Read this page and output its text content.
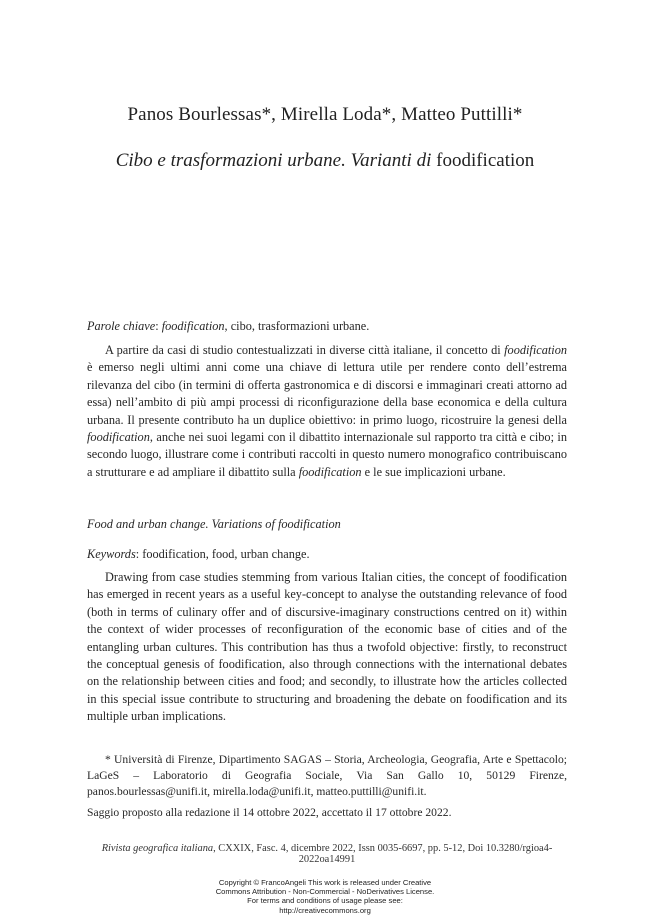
Panos Bourlessas*, Mirella Loda*, Matteo Puttilli*
Cibo e trasformazioni urbane. Varianti di foodification
Parole chiave: foodification, cibo, trasformazioni urbane.
A partire da casi di studio contestualizzati in diverse città italiane, il concetto di foodification è emerso negli ultimi anni come una chiave di lettura utile per rendere conto dell’estrema rilevanza del cibo (in termini di offerta gastronomica e di discorsi e immaginari creati attorno ad essa) nell’ambito di più ampi processi di riconfigurazione della base economica e della cultura urbana. Il presente contributo ha un duplice obiettivo: in primo luogo, ricostruire la genesi della foodification, anche nei suoi legami con il dibattito internazionale sul rapporto tra città e cibo; in secondo luogo, illustrare come i contributi raccolti in questo numero monografico contribuiscano a strutturare e ad ampliare il dibattito sulla foodification e le sue implicazioni urbane.
Food and urban change. Variations of foodification
Keywords: foodification, food, urban change.
Drawing from case studies stemming from various Italian cities, the concept of foodification has emerged in recent years as a useful key-concept to analyse the outstanding relevance of food (both in terms of culinary offer and of discursive-imaginary constructions centred on it) within the context of wider processes of reconfiguration of the economic base of cities and of the entangling urban cultures. This contribution has thus a twofold objective: firstly, to reconstruct the conceptual genesis of foodification, also through connections with the international debates on the relationship between cities and food; and secondly, to illustrate how the articles collected in this special issue contribute to structuring and broadening the debate on foodification and its multiple urban implications.
* Università di Firenze, Dipartimento SAGAS – Storia, Archeologia, Geografia, Arte e Spettacolo; LaGeS – Laboratorio di Geografia Sociale, Via San Gallo 10, 50129 Firenze, panos.bourlessas@unifi.it, mirella.loda@unifi.it, matteo.puttilli@unifi.it.
Saggio proposto alla redazione il 14 ottobre 2022, accettato il 17 ottobre 2022.
Rivista geografica italiana, CXXIX, Fasc. 4, dicembre 2022, Issn 0035-6697, pp. 5-12, Doi 10.3280/rgioa4-2022oa14991
Copyright © FrancoAngeli This work is released under Creative
Commons Attribution - Non-Commercial - NoDerivatives License.
For terms and conditions of usage please see:
http://creativecommons.org
